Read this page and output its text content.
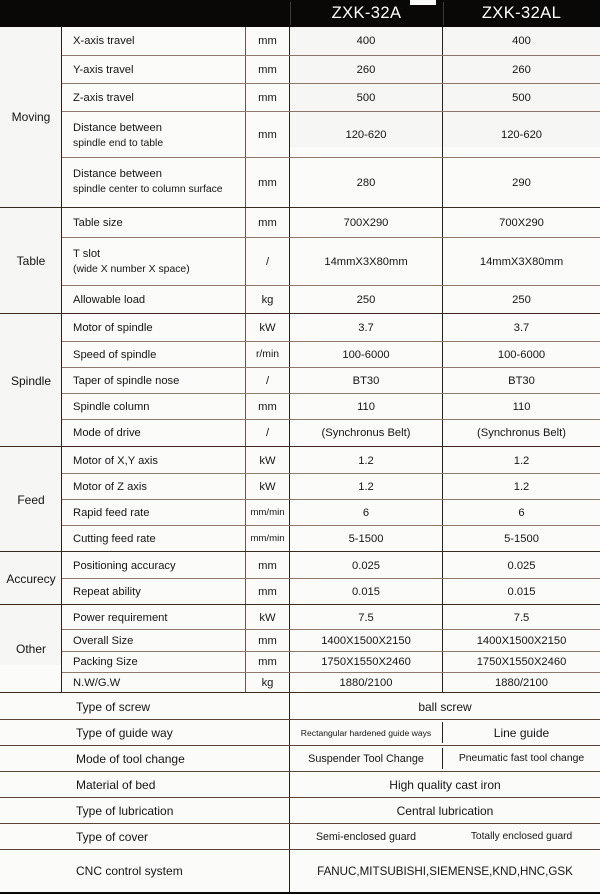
ZXK-32A	ZXK-32AL
X-axis travel	mm	400	400
Y-axis travel	mm	260	260
Z-axis travel	mm	500	500
Distance between
spindle end to table
mm	120-620	120-620
Distance between
spindle center to column surface
mm	280	290
Moving
Table size	mm	700X290	700X290
T slot
(wide X number X space)
/	14mmX3X80mm	14mmX3X80mm
Allowable load	kg	250	250
Table
Motor of spindle	kW	3.7	3.7
Speed of spindle	r/min	100-6000	100-6000
Taper of spindle nose	/	BT30	BT30
Spindle column	mm	110	110
Mode of drive	/	(Synchronus Belt)	(Synchronus Belt)
Spindle
Motor of X,Y axis	kW	1.2	1.2
Motor of Z axis	kW	1.2	1.2
Rapid feed rate	mm/min	6	6
Cutting feed rate	mm/min	5-1500	5-1500
Feed
Positioning accuracy	mm	0.025	0.025
Repeat ability	mm	0.015	0.015
Accurecy
Power requirement	kW	7.5	7.5
Overall Size	mm	1400X1500X2150	1400X1500X2150
Packing Size	mm	1750X1550X2460	1750X1550X2460
N.W/G.W	kg	1880/2100	1880/2100
Other
Type of screw	ball screw
Type of guide way	Rectangular hardened guide ways	Line guide
Mode of tool change	Suspender Tool Change	Pneumatic fast tool change
Material of bed	High quality cast iron
Type of lubrication	Central lubrication
Type of cover	Semi-enclosed guard	Totally enclosed guard
CNC control system	FANUC,MITSUBISHI,SIEMENSE,KND,HNC,GSK
